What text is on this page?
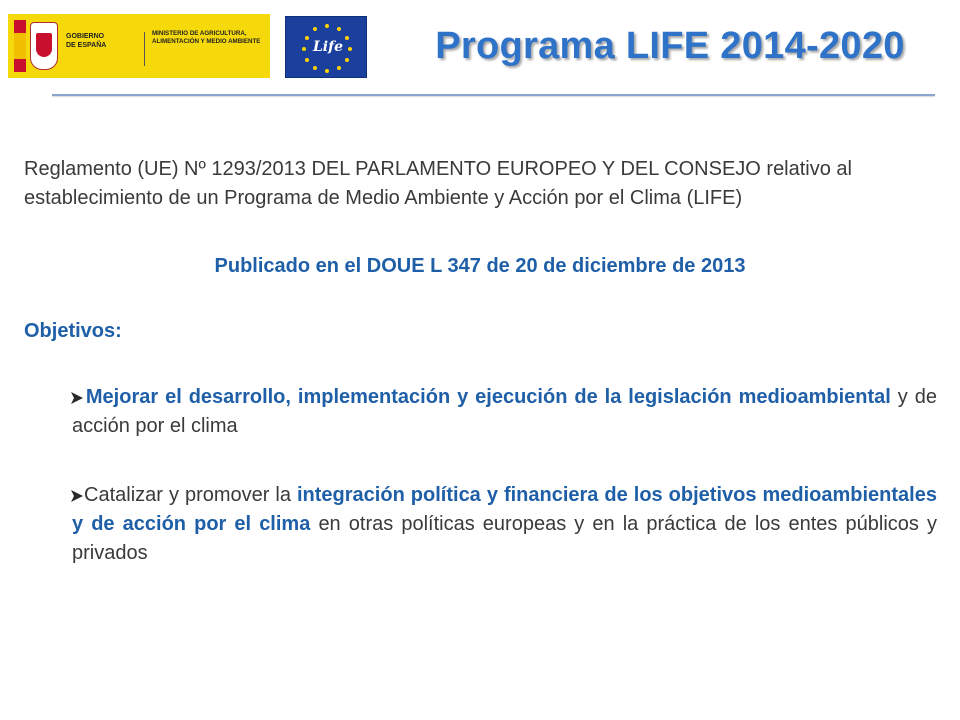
GOBIERNO
DE ESPAÑA
MINISTERIO DE AGRICULTURA, ALIMENTACIÓN Y MEDIO AMBIENTE	Life	Programa LIFE 2014-2020
Reglamento (UE) Nº 1293/2013 DEL PARLAMENTO EUROPEO Y DEL CONSEJO relativo al establecimiento de un Programa de Medio Ambiente y Acción por el Clima (LIFE)
Publicado en el DOUE L 347 de 20 de diciembre de 2013
Objetivos:
Mejorar el desarrollo, implementación y ejecución de la legislación medioambiental y de acción por el clima
Catalizar y promover la integración política y financiera de los objetivos medioambientales y de acción por el clima en otras políticas europeas y en la práctica de los entes públicos y privados
